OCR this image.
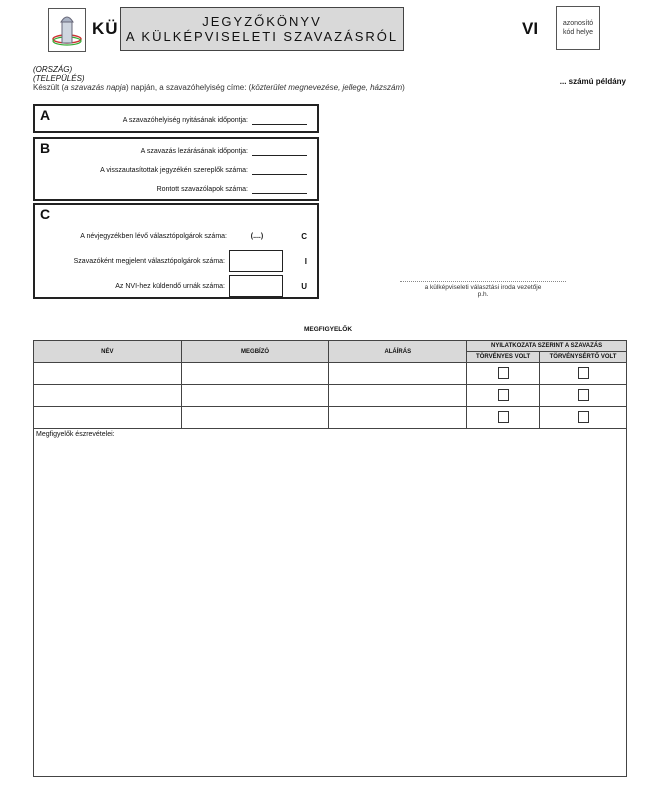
KÜ	JEGYZŐKÖNYV
A KÜLKÉPVISELETI SZAVAZÁSRÓL	VI	azonosító
kód helye
(ORSZÁG)
(TELEPÜLÉS)
Készült (a szavazás napja) napján, a szavazóhelyiség címe: (közterület megnevezése, jellege, házszám)
... számú példány
A	A szavazóhelyiség nyitásának időpontja:
B	A szavazás lezárásának időpontja:
A visszautasítottak jegyzékén szereplők száma:
Rontott szavazólapok száma:
C
A névjegyzékben lévő választópolgárok száma:	(....)	C
Szavazóként megjelent választópolgárok száma:	I
Az NVI-hez küldendő urnák száma:	U	a külképviseleti választási iroda vezetője
p.h.
MEGFIGYELŐK
NÉV	MEGBÍZÓ	ALÁÍRÁS	NYILATKOZATA SZERINT A SZAVAZÁS	
			TÖRVÉNYES VOLT	TÖRVÉNYSÉRTŐ VOLT

Megfigyelők észrevételei:				
